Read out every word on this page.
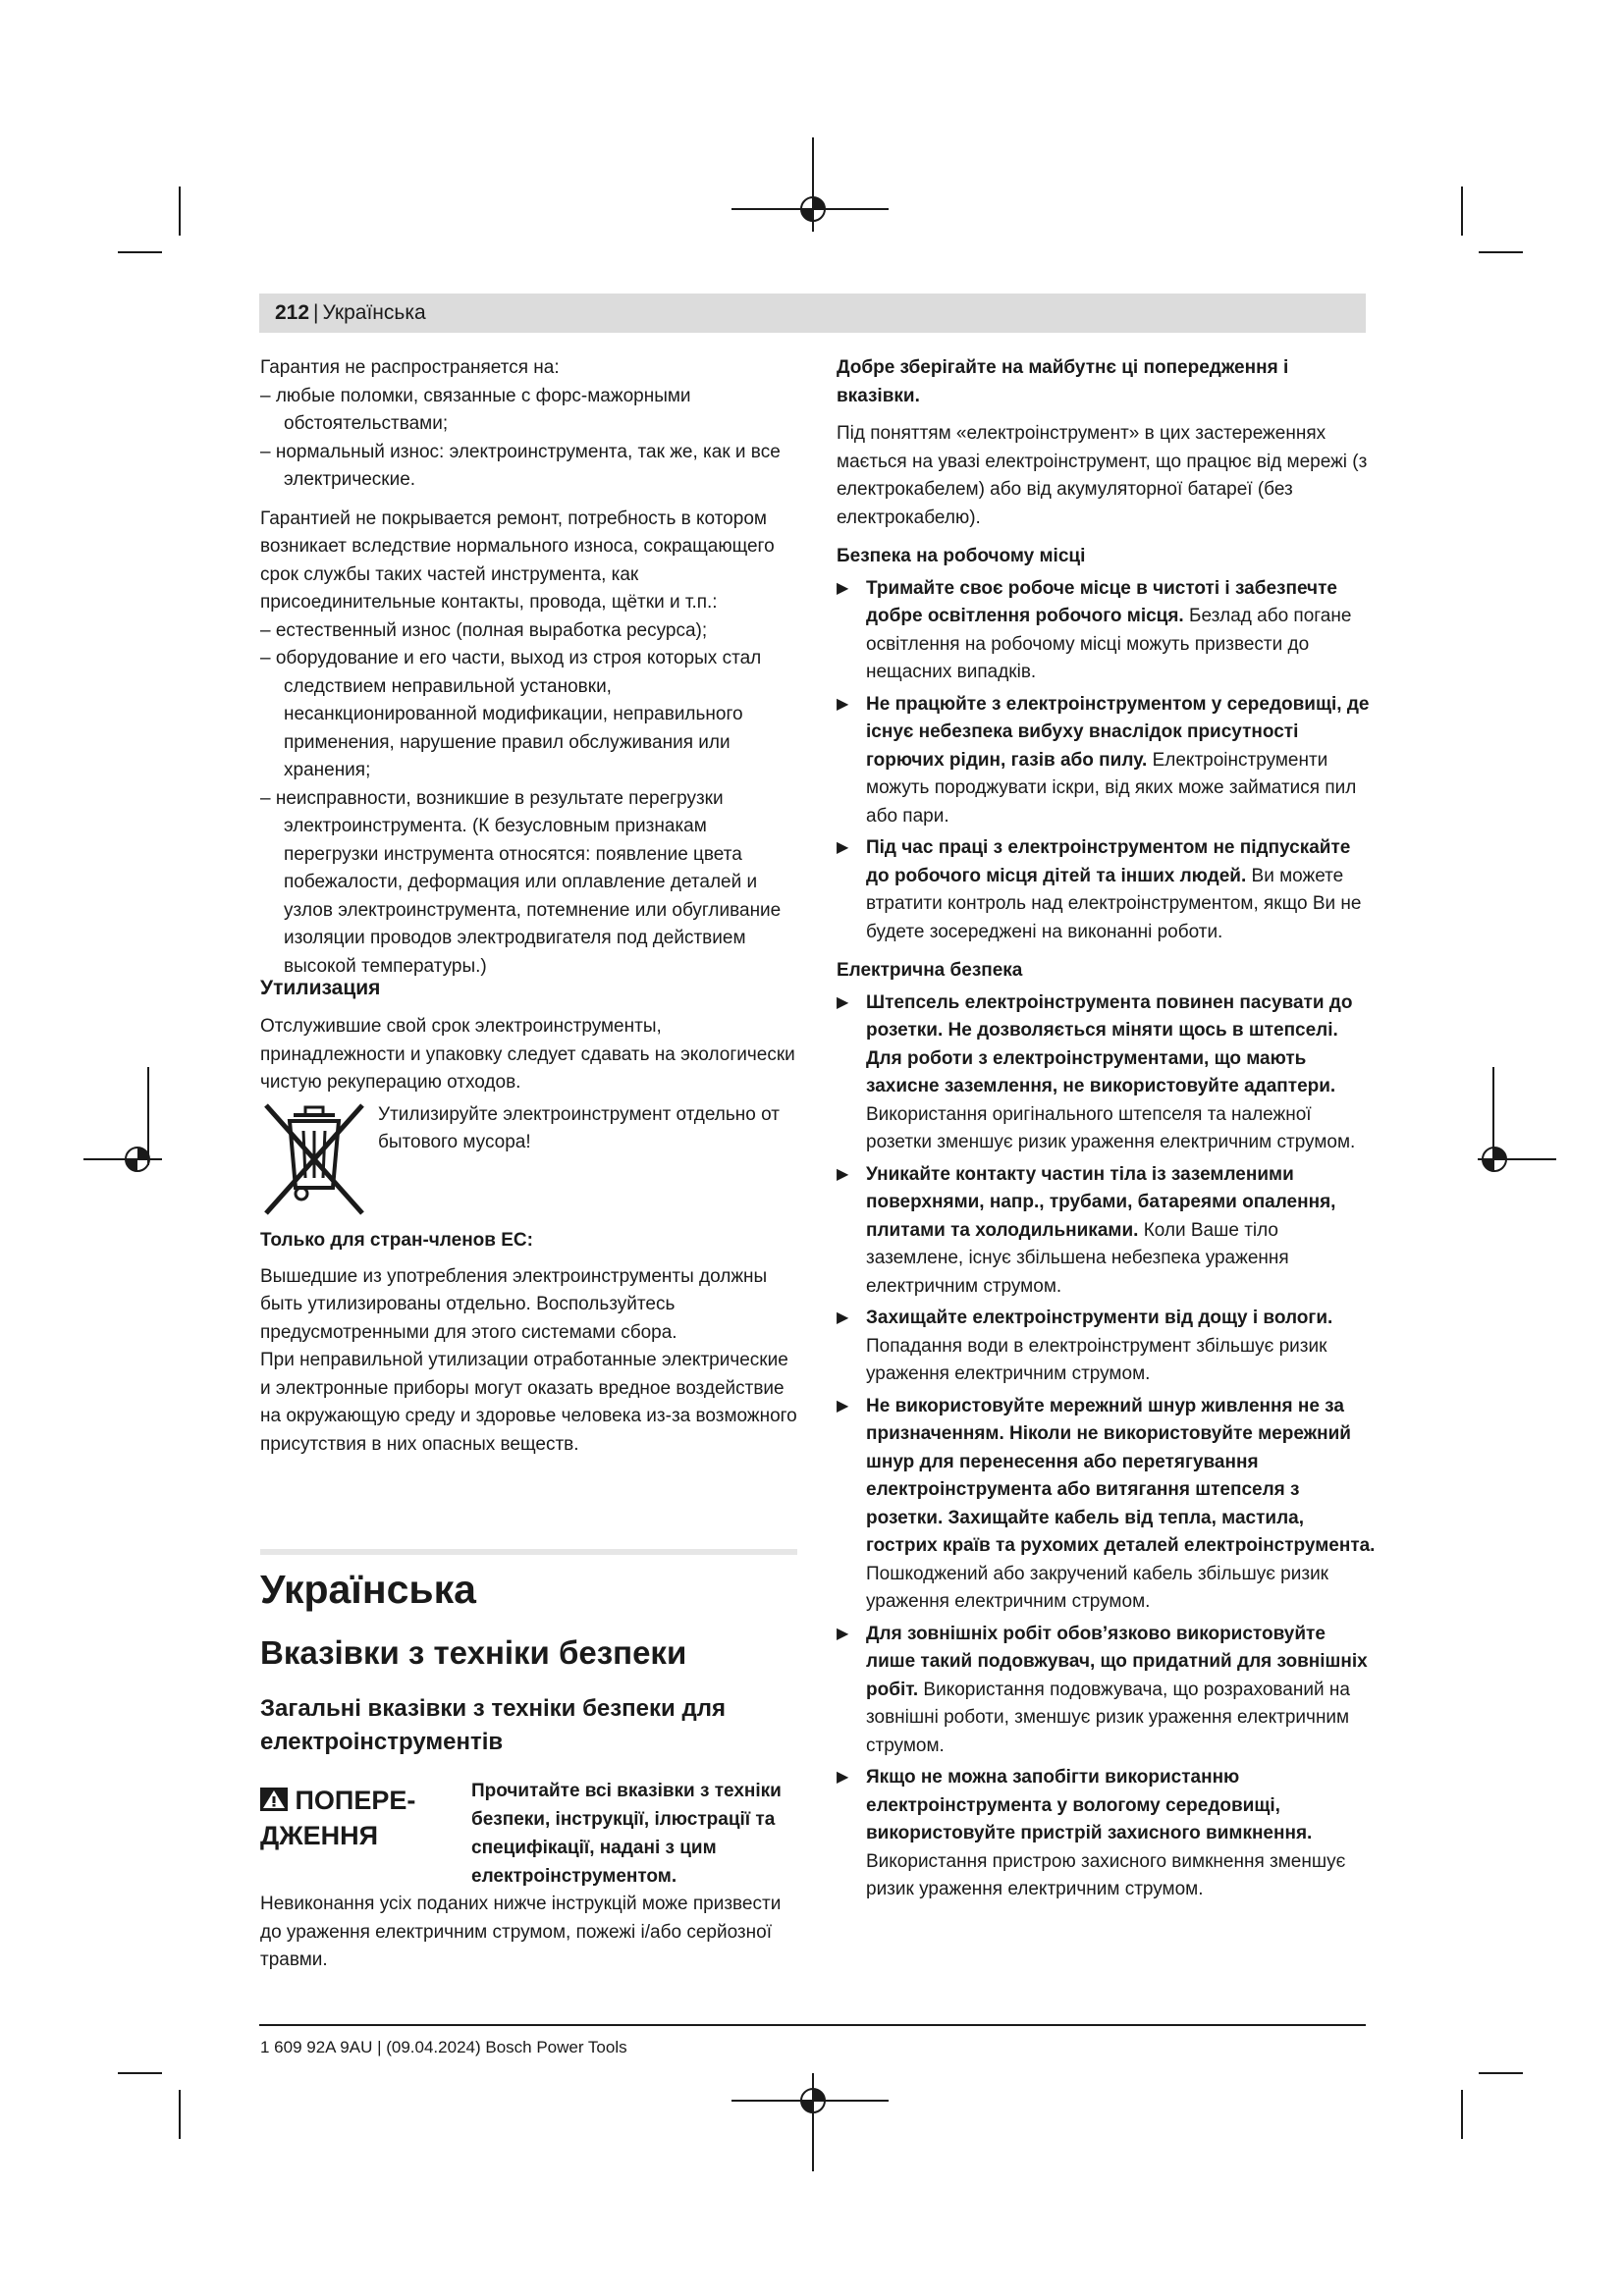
212 | Українська

Гарантия не распространяется на:

– любые поломки, связанные с форс-мажорными обстоятельствами;

– нормальный износ: электроинструмента, так же, как и все электрические.

Гарантией не покрывается ремонт, потребность в котором возникает вследствие нормального износа, сокращающего срок службы таких частей инструмента, как присоединительные контакты, провода, щётки и т.п.:

– естественный износ (полная выработка ресурса);

– оборудование и его части, выход из строя которых стал следствием неправильной установки, несанкционированной модификации, неправильного применения, нарушение правил обслуживания или хранения;

– неисправности, возникшие в результате перегрузки электроинструмента. (К безусловным признакам перегрузки инструмента относятся: появление цвета побежалости, деформация или оплавление деталей и узлов электроинструмента, потемнение или обугливание изоляции проводов электродвигателя под действием высокой температуры.)

Утилизация

Отслужившие свой срок электроинструменты, принадлежности и упаковку следует сдавать на экологически чистую рекуперацию отходов.

Утилизируйте электроинструмент отдельно от бытового мусора!

Только для стран-членов ЕС:

Вышедшие из употребления электроинструменты должны быть утилизированы отдельно. Воспользуйтесь предусмотренными для этого системами сбора.

При неправильной утилизации отработанные электрические и электронные приборы могут оказать вредное воздействие на окружающую среду и здоровье человека из-за возможного присутствия в них опасных веществ.

Українська

Вказівки з техніки безпеки

Загальні вказівки з техніки безпеки для електроінструментів

ПОПЕРЕ-ДЖЕННЯ

Прочитайте всі вказівки з техніки безпеки, інструкції, ілюстрації та специфікації, надані з цим електроінструментом.

Невиконання усіх поданих нижче інструкцій може призвести до ураження електричним струмом, пожежі і/або серйозної травми.

Добре зберігайте на майбутнє ці попередження і вказівки.

Під поняттям «електроінструмент» в цих застереженнях мається на увазі електроінструмент, що працює від мережі (з електрокабелем) або від акумуляторної батареї (без електрокабелю).

Безпека на робочому місці

▶ Тримайте своє робоче місце в чистоті і забезпечте добре освітлення робочого місця. Безлад або погане освітлення на робочому місці можуть призвести до нещасних випадків.
▶ Не працюйте з електроінструментом у середовищі, де існує небезпека вибуху внаслідок присутності горючих рідин, газів або пилу. Електроінструменти можуть породжувати іскри, від яких може займатися пил або пари.
▶ Під час праці з електроінструментом не підпускайте до робочого місця дітей та інших людей. Ви можете втратити контроль над електроінструментом, якщо Ви не будете зосереджені на виконанні роботи.

Електрична безпека

▶ Штепсель електроінструмента повинен пасувати до розетки. Не дозволяється міняти щось в штепселі. Для роботи з електроінструментами, що мають захисне заземлення, не використовуйте адаптери. Використання оригінального штепселя та належної розетки зменшує ризик ураження електричним струмом.
▶ Уникайте контакту частин тіла із заземленими поверхнями, напр., трубами, батареями опалення, плитами та холодильниками. Коли Ваше тіло заземлене, існує збільшена небезпека ураження електричним струмом.
▶ Захищайте електроінструменти від дощу і вологи. Попадання води в електроінструмент збільшує ризик ураження електричним струмом.
▶ Не використовуйте мережний шнур живлення не за призначенням. Ніколи не використовуйте мережний шнур для перенесення або перетягування електроінструмента або витягання штепселя з розетки. Захищайте кабель від тепла, мастила, гострих країв та рухомих деталей електроінструмента. Пошкоджений або закручений кабель збільшує ризик ураження електричним струмом.
▶ Для зовнішніх робіт обов’язково використовуйте лише такий подовжувач, що придатний для зовнішніх робіт. Використання подовжувача, що розрахований на зовнішні роботи, зменшує ризик ураження електричним струмом.
▶ Якщо не можна запобігти використанню електроінструмента у вологому середовищі, використовуйте пристрій захисного вимкнення. Використання пристрою захисного вимкнення зменшує ризик ураження електричним струмом.
1 609 92A 9AU | (09.04.2024) Bosch Power Tools
